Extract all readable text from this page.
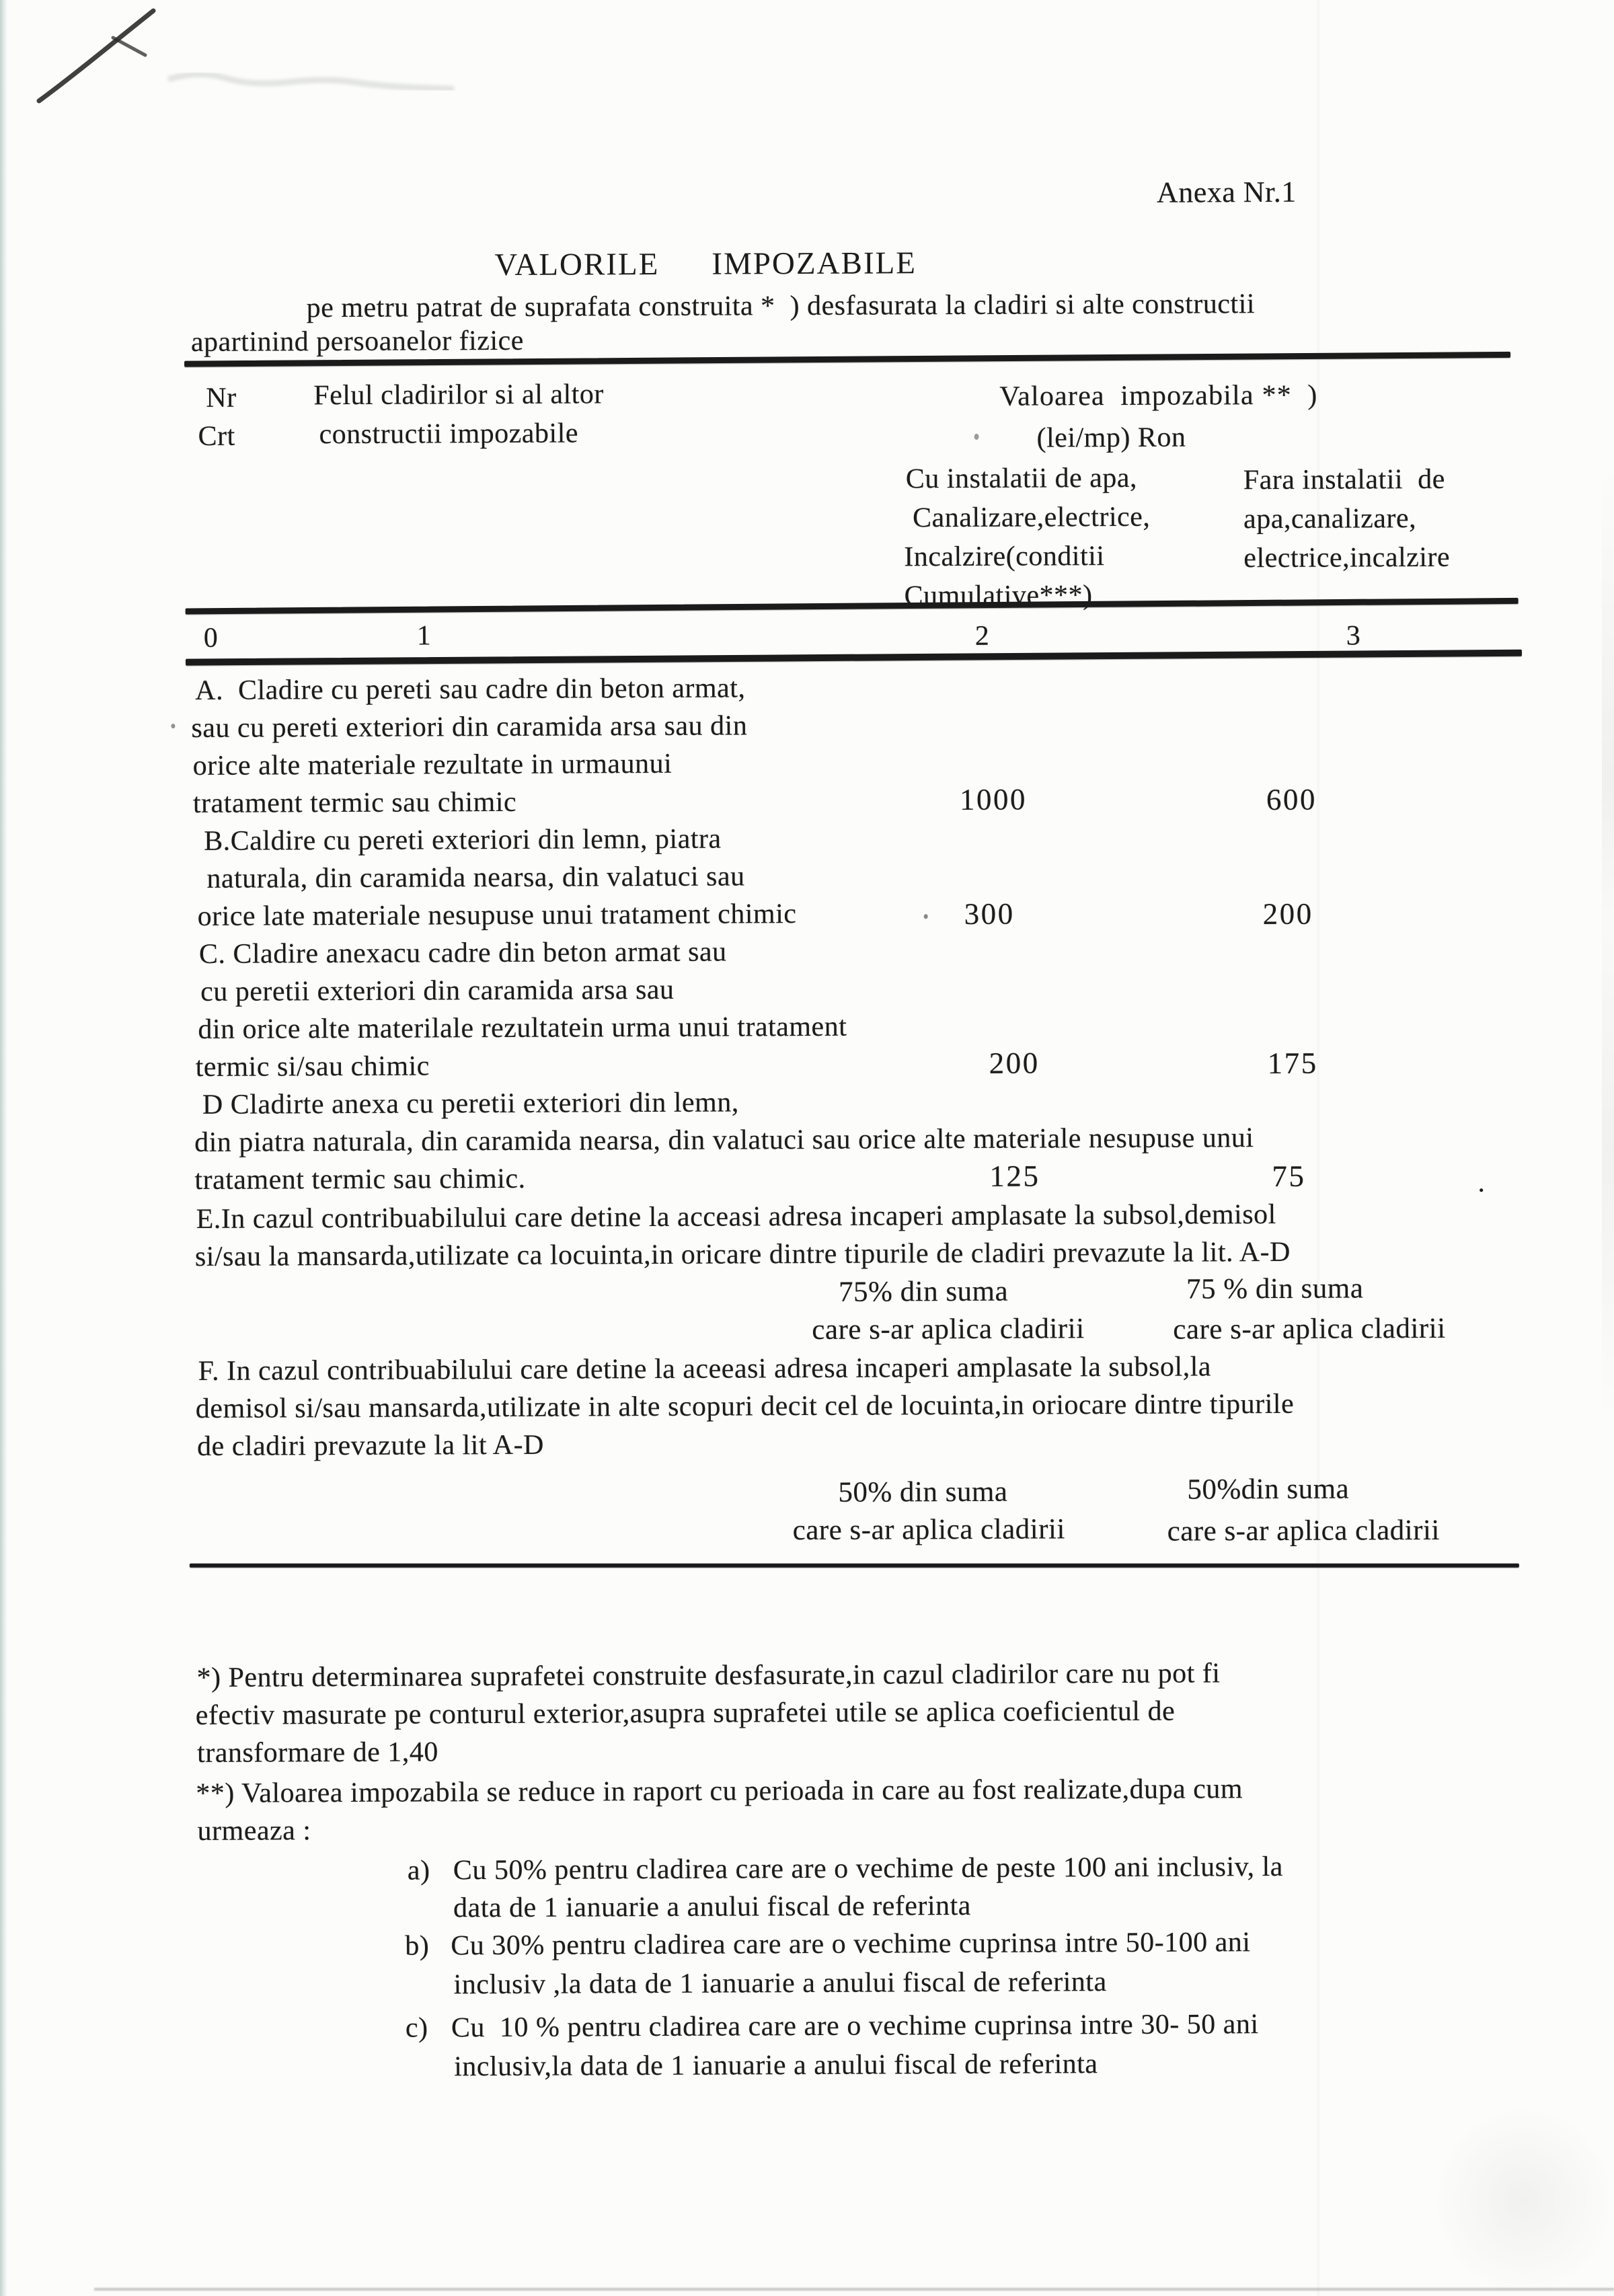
Anexa Nr.1
VALORILE IMPOZABILE
pe metru patrat de suprafata construita *  ) desfasurata la cladiri si alte constructii
apartinind persoanelor fizice
Nr	Felul cladirilor si al altor	Valoarea  impozabila **  )
Crt	constructii impozabile	(lei/mp) Ron
Cu instalatii de apa,	Fara instalatii  de
Canalizare,electrice,	apa,canalizare,
Incalzire(conditii	electrice,incalzire
Cumulative***)
0	1	2	3
A.  Cladire cu pereti sau cadre din beton armat,
sau cu pereti exteriori din caramida arsa sau din
orice alte materiale rezultate in urmaunui
tratament termic sau chimic	1000	600
B.Caldire cu pereti exteriori din lemn, piatra
naturala, din caramida nearsa, din valatuci sau
orice late materiale nesupuse unui tratament chimic	300	200
C. Cladire anexacu cadre din beton armat sau
cu peretii exteriori din caramida arsa sau
din orice alte materilale rezultatein urma unui tratament
termic si/sau chimic	200	175
D Cladirte anexa cu peretii exteriori din lemn,
din piatra naturala, din caramida nearsa, din valatuci sau orice alte materiale nesupuse unui
tratament termic sau chimic.	125	75	.
E.In cazul contribuabilului care detine la acceasi adresa incaperi amplasate la subsol,demisol
si/sau la mansarda,utilizate ca locuinta,in oricare dintre tipurile de cladiri prevazute la lit. A-D
75% din suma	75 % din suma
care s-ar aplica cladirii	care s-ar aplica cladirii
F. In cazul contribuabilului care detine la aceeasi adresa incaperi amplasate la subsol,la
demisol si/sau mansarda,utilizate in alte scopuri decit cel de locuinta,in oriocare dintre tipurile
de cladiri prevazute la lit A-D
50% din suma	50%din suma
care s-ar aplica cladirii	care s-ar aplica cladirii
*) Pentru determinarea suprafetei construite desfasurate,in cazul cladirilor care nu pot fi
efectiv masurate pe conturul exterior,asupra suprafetei utile se aplica coeficientul de
transformare de 1,40
**) Valoarea impozabila se reduce in raport cu perioada in care au fost realizate,dupa cum
urmeaza :
a) Cu 50% pentru cladirea care are o vechime de peste 100 ani inclusiv, la
data de 1 ianuarie a anului fiscal de referinta
b) Cu 30% pentru cladirea care are o vechime cuprinsa intre 50-100 ani
inclusiv ,la data de 1 ianuarie a anului fiscal de referinta
c) Cu  10 % pentru cladirea care are o vechime cuprinsa intre 30- 50 ani
inclusiv,la data de 1 ianuarie a anului fiscal de referinta
